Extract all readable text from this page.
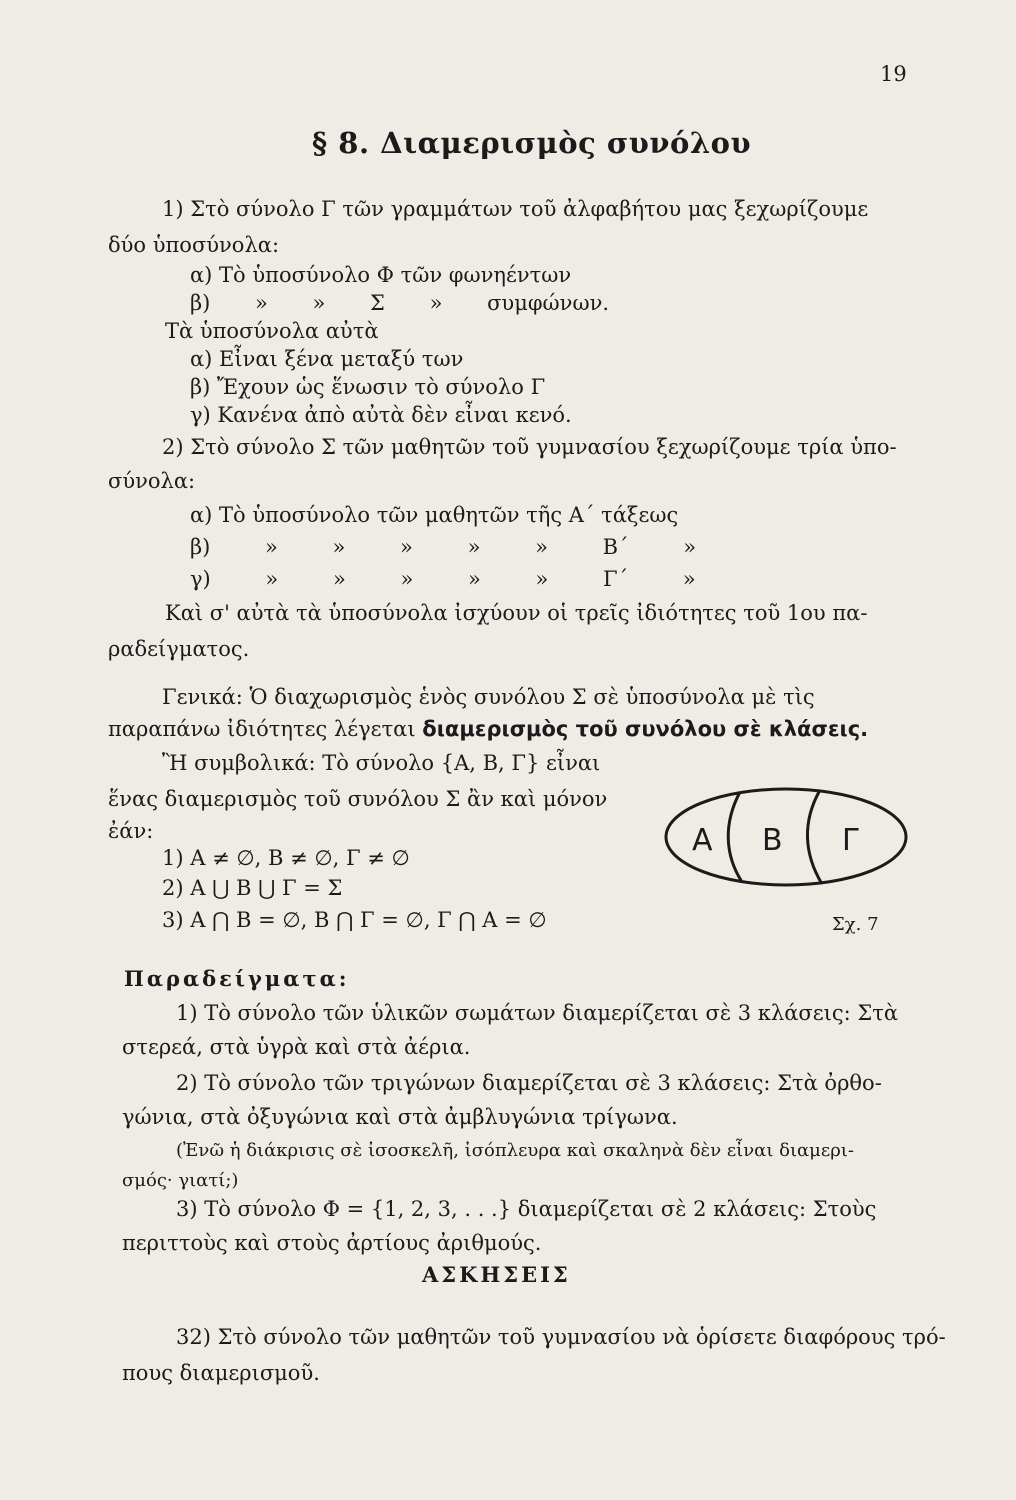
19
§ 8. Διαμερισμὸς συνόλου
1) Στὸ σύνολο Γ τῶν γραμμάτων τοῦ ἀλφαβήτου μας ξεχωρίζουμε
δύο ὑποσύνολα:
α) Τὸ ὑποσύνολο Φ τῶν φωνηέντων
β) » » Σ » συμφώνων.
Τὰ ὑποσύνολα αὐτὰ
α) Εἶναι ξένα μεταξύ των
β) Ἔχουν ὡς ἕνωσιν τὸ σύνολο Γ
γ) Κανένα ἀπὸ αὐτὰ δὲν εἶναι κενό.
2) Στὸ σύνολο Σ τῶν μαθητῶν τοῦ γυμνασίου ξεχωρίζουμε τρία ὑπο-
σύνολα:
α) Τὸ ὑποσύνολο τῶν μαθητῶν τῆς Α΄ τάξεως
β) » » » » » Β΄ »
γ) » » » » » Γ΄ »
Καὶ σ' αὐτὰ τὰ ὑποσύνολα ἰσχύουν οἱ τρεῖς ἰδιότητες τοῦ 1ου πα-
ραδείγματος.
Γενικά: Ὁ διαχωρισμὸς ἑνὸς συνόλου Σ σὲ ὑποσύνολα μὲ τὶς
παραπάνω ἰδιότητες λέγεται διαμερισμὸς τοῦ συνόλου σὲ κλάσεις.
Ἢ συμβολικά: Τὸ σύνολο {Α, Β, Γ} εἶναι
ἕνας διαμερισμὸς τοῦ συνόλου Σ ἂν καὶ μόνον
ἐάν:
1) Α ≠ ∅, Β ≠ ∅, Γ ≠ ∅
2) Α ⋃ Β ⋃ Γ = Σ
3) Α ⋂ Β = ∅, Β ⋂ Γ = ∅, Γ ⋂ Α = ∅
Α Β Γ
Σχ. 7
Παραδείγματα:
1) Τὸ σύνολο τῶν ὑλικῶν σωμάτων διαμερίζεται σὲ 3 κλάσεις: Στὰ
στερεά, στὰ ὑγρὰ καὶ στὰ ἀέρια.
2) Τὸ σύνολο τῶν τριγώνων διαμερίζεται σὲ 3 κλάσεις: Στὰ ὀρθο-
γώνια, στὰ ὀξυγώνια καὶ στὰ ἀμβλυγώνια τρίγωνα.
(Ἐνῶ ἡ διάκρισις σὲ ἰσοσκελῆ, ἰσόπλευρα καὶ σκαληνὰ δὲν εἶναι διαμερι-
σμός· γιατί;)
3) Τὸ σύνολο Φ = {1, 2, 3, . . .} διαμερίζεται σὲ 2 κλάσεις: Στοὺς
περιττοὺς καὶ στοὺς ἀρτίους ἀριθμούς.
ΑΣΚΗΣΕΙΣ
32) Στὸ σύνολο τῶν μαθητῶν τοῦ γυμνασίου νὰ ὁρίσετε διαφόρους τρό-
πους διαμερισμοῦ.
